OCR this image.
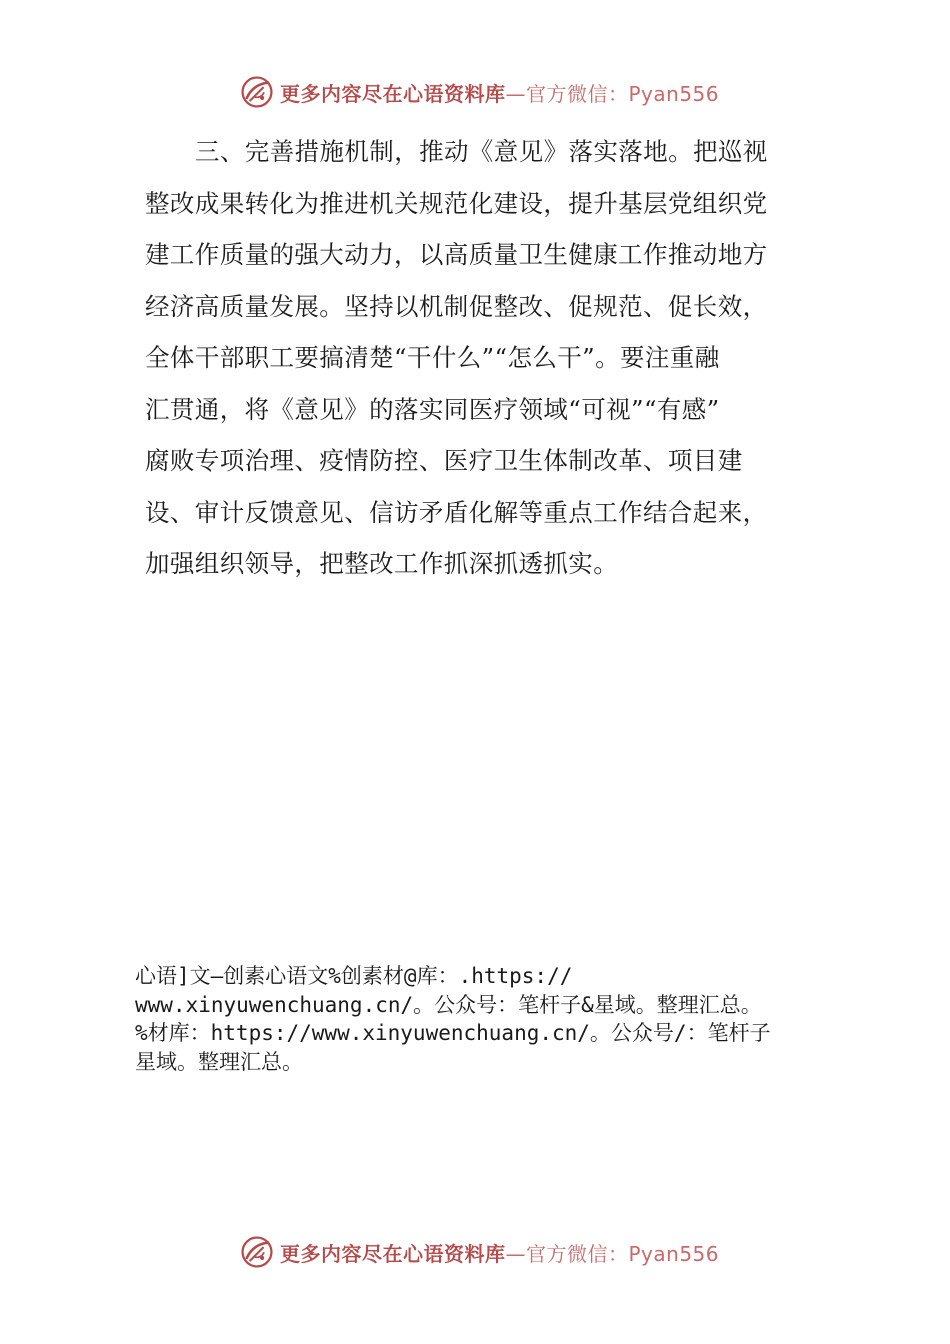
更多内容尽在心语资料库 —官方微信：Pyan556
三、完善措施机制，推动《意见》落实落地。把巡视
整改成果转化为推进机关规范化建设，提升基层党组织党
建工作质量的强大动力，以高质量卫生健康工作推动地方
经济高质量发展。坚持以机制促整改、促规范、促长效，
全体干部职工要搞清楚“干什么”“怎么干”。要注重融
汇贯通，将《意见》的落实同医疗领域“可视”“有感”
腐败专项治理、疫情防控、医疗卫生体制改革、项目建
设、审计反馈意见、信访矛盾化解等重点工作结合起来，
加强组织领导，把整改工作抓深抓透抓实。
心语]文—创素心语文%创素材@库：.https://
www.xinyuwenchuang.cn/。公众号：笔杆子&星域。整理汇总。
%材库：https://www.xinyuwenchuang.cn/。公众号/：笔杆子
星域。整理汇总。
更多内容尽在心语资料库 —官方微信：Pyan556
